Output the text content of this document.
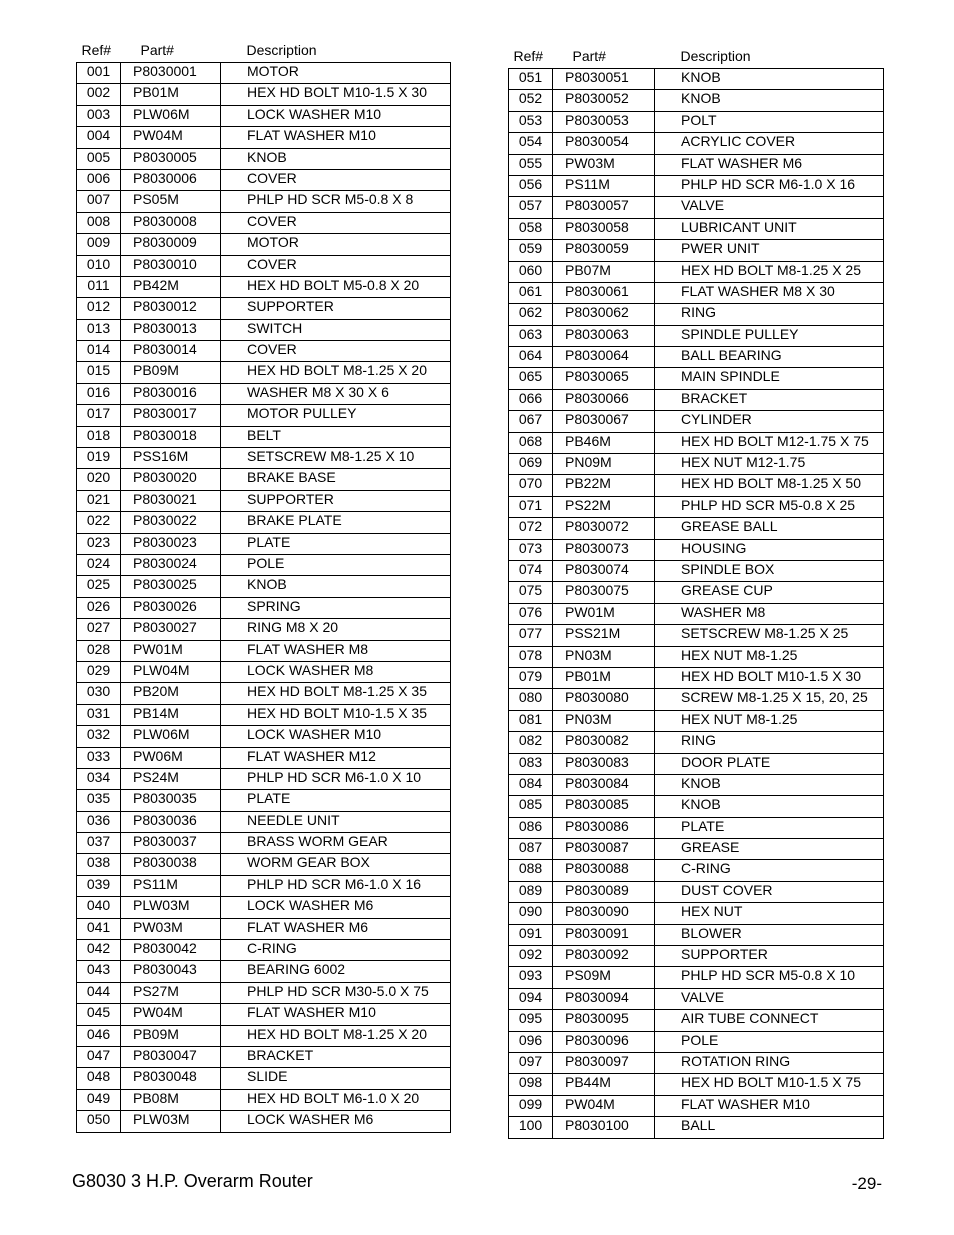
Ref#	Part#	Description
001	P8030001	MOTOR
002	PB01M	HEX HD BOLT M10-1.5 X 30
003	PLW06M	LOCK WASHER M10
004	PW04M	FLAT WASHER M10
005	P8030005	KNOB
006	P8030006	COVER
007	PS05M	PHLP HD SCR M5-0.8 X 8
008	P8030008	COVER
009	P8030009	MOTOR
010	P8030010	COVER
011	PB42M	HEX HD BOLT M5-0.8 X 20
012	P8030012	SUPPORTER
013	P8030013	SWITCH
014	P8030014	COVER
015	PB09M	HEX HD BOLT M8-1.25 X 20
016	P8030016	WASHER M8 X 30 X 6
017	P8030017	MOTOR PULLEY
018	P8030018	BELT
019	PSS16M	SETSCREW M8-1.25 X 10
020	P8030020	BRAKE BASE
021	P8030021	SUPPORTER
022	P8030022	BRAKE PLATE
023	P8030023	PLATE
024	P8030024	POLE
025	P8030025	KNOB
026	P8030026	SPRING
027	P8030027	RING M8 X 20
028	PW01M	FLAT WASHER M8
029	PLW04M	LOCK WASHER M8
030	PB20M	HEX HD BOLT M8-1.25 X 35
031	PB14M	HEX HD BOLT M10-1.5 X 35
032	PLW06M	LOCK WASHER M10
033	PW06M	FLAT WASHER M12
034	PS24M	PHLP HD SCR M6-1.0 X 10
035	P8030035	PLATE
036	P8030036	NEEDLE UNIT
037	P8030037	BRASS WORM GEAR
038	P8030038	WORM GEAR BOX
039	PS11M	PHLP HD SCR M6-1.0 X 16
040	PLW03M	LOCK WASHER M6
041	PW03M	FLAT WASHER M6
042	P8030042	C-RING
043	P8030043	BEARING 6002
044	PS27M	PHLP HD SCR M30-5.0 X 75
045	PW04M	FLAT WASHER M10
046	PB09M	HEX HD BOLT M8-1.25 X 20
047	P8030047	BRACKET
048	P8030048	SLIDE
049	PB08M	HEX HD BOLT M6-1.0 X 20
050	PLW03M	LOCK WASHER M6
Ref#	Part#	Description
051	P8030051	KNOB
052	P8030052	KNOB
053	P8030053	POLT
054	P8030054	ACRYLIC COVER
055	PW03M	FLAT WASHER M6
056	PS11M	PHLP HD SCR M6-1.0 X 16
057	P8030057	VALVE
058	P8030058	LUBRICANT UNIT
059	P8030059	PWER UNIT
060	PB07M	HEX HD BOLT M8-1.25 X 25
061	P8030061	FLAT WASHER M8 X 30
062	P8030062	RING
063	P8030063	SPINDLE PULLEY
064	P8030064	BALL BEARING
065	P8030065	MAIN SPINDLE
066	P8030066	BRACKET
067	P8030067	CYLINDER
068	PB46M	HEX HD BOLT M12-1.75 X 75
069	PN09M	HEX NUT M12-1.75
070	PB22M	HEX HD BOLT M8-1.25 X 50
071	PS22M	PHLP HD SCR M5-0.8 X 25
072	P8030072	GREASE BALL
073	P8030073	HOUSING
074	P8030074	SPINDLE BOX
075	P8030075	GREASE CUP
076	PW01M	WASHER M8
077	PSS21M	SETSCREW M8-1.25 X 25
078	PN03M	HEX NUT M8-1.25
079	PB01M	HEX HD BOLT M10-1.5 X 30
080	P8030080	SCREW M8-1.25 X 15, 20, 25
081	PN03M	HEX NUT M8-1.25
082	P8030082	RING
083	P8030083	DOOR PLATE
084	P8030084	KNOB
085	P8030085	KNOB
086	P8030086	PLATE
087	P8030087	GREASE
088	P8030088	C-RING
089	P8030089	DUST COVER
090	P8030090	HEX NUT
091	P8030091	BLOWER
092	P8030092	SUPPORTER
093	PS09M	PHLP HD SCR M5-0.8 X 10
094	P8030094	VALVE
095	P8030095	AIR TUBE CONNECT
096	P8030096	POLE
097	P8030097	ROTATION RING
098	PB44M	HEX HD BOLT M10-1.5 X 75
099	PW04M	FLAT WASHER M10
100	P8030100	BALL
G8030 3 H.P. Overarm Router	-29-
